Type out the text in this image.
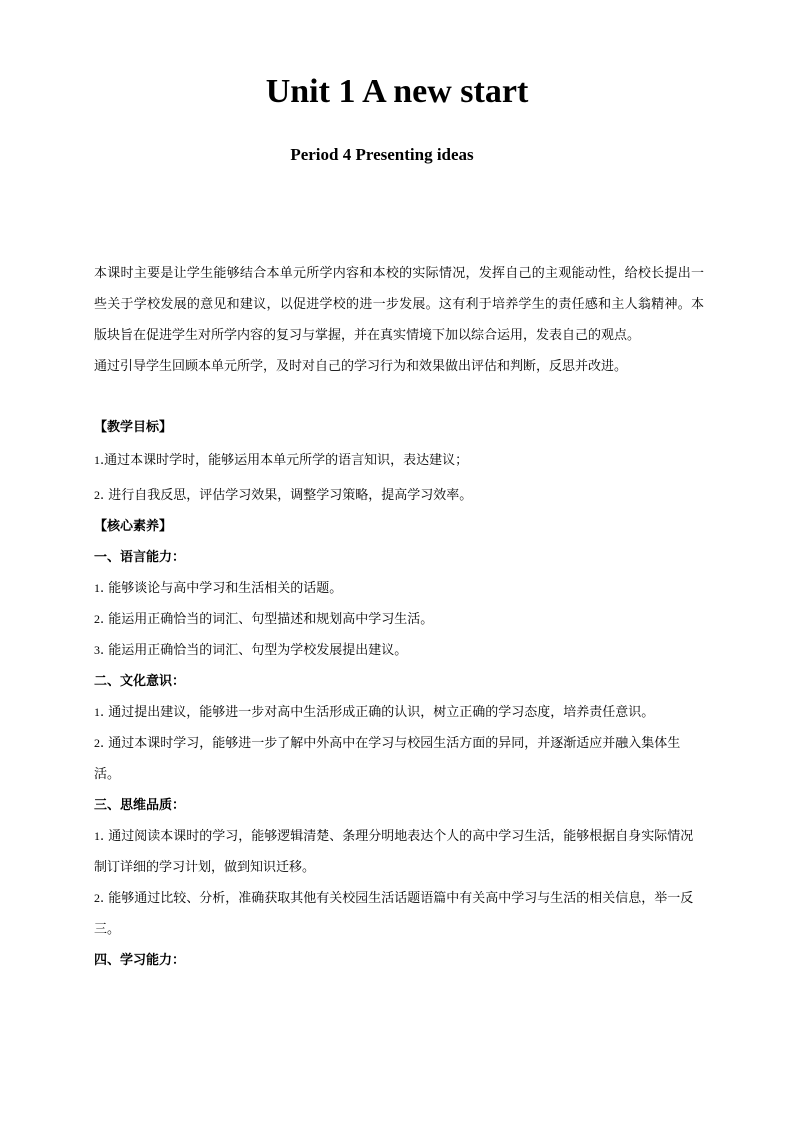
Unit 1 A new start
Period 4 Presenting ideas

本课时主要是让学生能够结合本单元所学内容和本校的实际情况，发挥自己的主观能动性，给校长提出一些关于学校发展的意见和建议，以促进学校的进一步发展。这有利于培养学生的责任感和主人翁精神。本版块旨在促进学生对所学内容的复习与掌握，并在真实情境下加以综合运用，发表自己的观点。

通过引导学生回顾本单元所学，及时对自己的学习行为和效果做出评估和判断，反思并改进。

【教学目标】

1.通过本课时学时，能够运用本单元所学的语言知识，表达建议；

2. 进行自我反思，评估学习效果，调整学习策略，提高学习效率。

【核心素养】

一、语言能力：

1. 能够谈论与高中学习和生活相关的话题。

2. 能运用正确恰当的词汇、句型描述和规划高中学习生活。

3. 能运用正确恰当的词汇、句型为学校发展提出建议。

二、文化意识：

1. 通过提出建议，能够进一步对高中生活形成正确的认识，树立正确的学习态度，培养责任意识。

2. 通过本课时学习，能够进一步了解中外高中在学习与校园生活方面的异同，并逐渐适应并融入集体生活。

三、思维品质：

1. 通过阅读本课时的学习，能够逻辑清楚、条理分明地表达个人的高中学习生活，能够根据自身实际情况制订详细的学习计划，做到知识迁移。

2. 能够通过比较、分析，准确获取其他有关校园生活话题语篇中有关高中学习与生活的相关信息，举一反三。

四、学习能力：
